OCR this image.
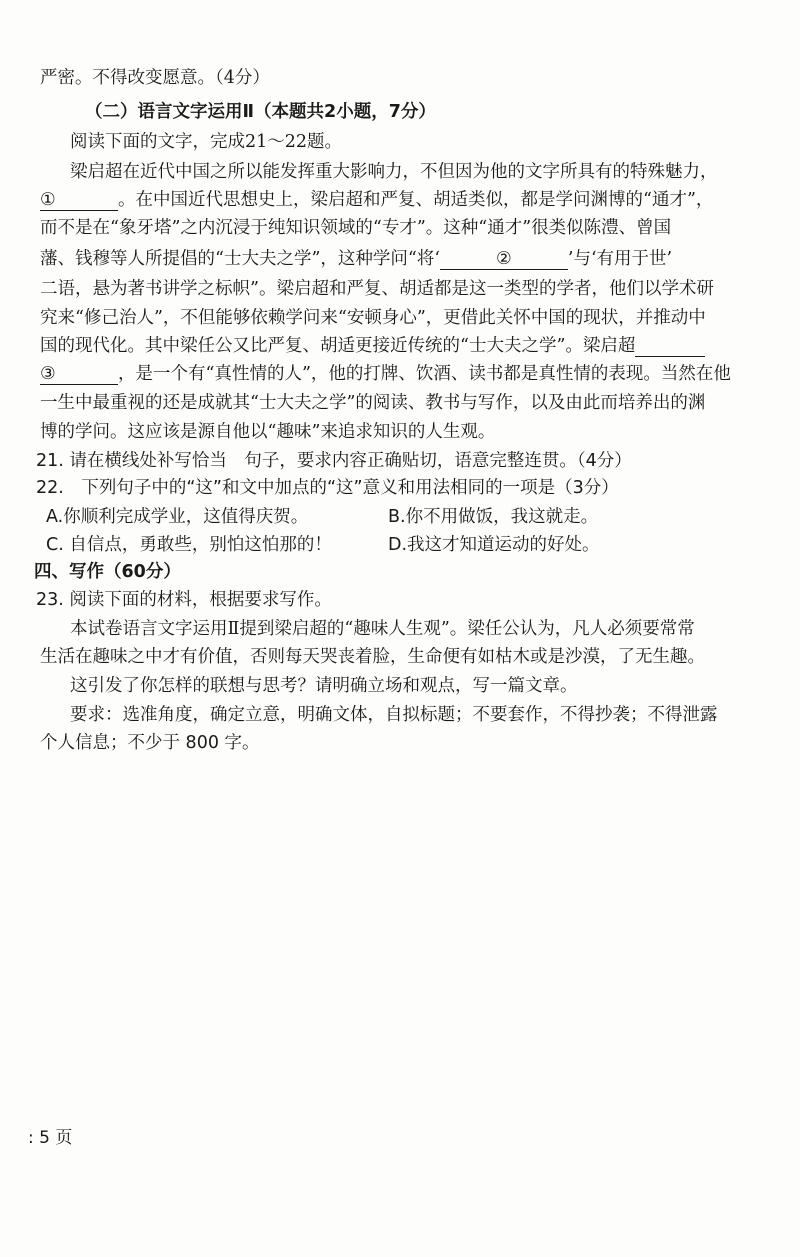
严密。不得改变愿意。（4分）
（二）语言文字运用Ⅱ（本题共2小题，7分）
阅读下面的文字，完成21～22题。
梁启超在近代中国之所以能发挥重大影响力，不但因为他的文字所具有的特殊魅力，
①	。在中国近代思想史上，梁启超和严复、胡适类似，都是学问渊博的“通才”，
而不是在“象牙塔”之内沉浸于纯知识领域的“专才”。这种“通才”很类似陈澧、曾国
藩、钱穆等人所提倡的“士大夫之学”，这种学问“将‘	②	’与‘有用于世’
二语，悬为著书讲学之标帜”。梁启超和严复、胡适都是这一类型的学者，他们以学术研
究来“修己治人”，不但能够依赖学问来“安顿身心”，更借此关怀中国的现状，并推动中
国的现代化。其中梁任公又比严复、胡适更接近传统的“士大夫之学”。梁启超
③	，是一个有“真性情的人”，他的打牌、饮酒、读书都是真性情的表现。当然在他
一生中最重视的还是成就其“士大夫之学”的阅读、教书与写作，以及由此而培养出的渊
博的学问。这应该是源自他以“趣味”来追求知识的人生观。
21. 请在横线处补写恰当　句子，要求内容正确贴切，语意完整连贯。（4分）
22.　下列句子中的“这”和文中加点的“这”意义和用法相同的一项是（3分）
A.你顺利完成学业，这值得庆贺。	B.你不用做饭，我这就走。
C. 自信点，勇敢些，别怕这怕那的！	D.我这才知道运动的好处。
四、写作（60分）
23. 阅读下面的材料，根据要求写作。
本试卷语言文字运用Ⅱ提到梁启超的“趣味人生观”。梁任公认为，凡人必须要常常
生活在趣味之中才有价值，否则每天哭丧着脸，生命便有如枯木或是沙漠，了无生趣。
这引发了你怎样的联想与思考？请明确立场和观点，写一篇文章。
要求：选准角度，确定立意，明确文体，自拟标题；不要套作，不得抄袭；不得泄露
个人信息；不少于 800 字。
: 5 页
